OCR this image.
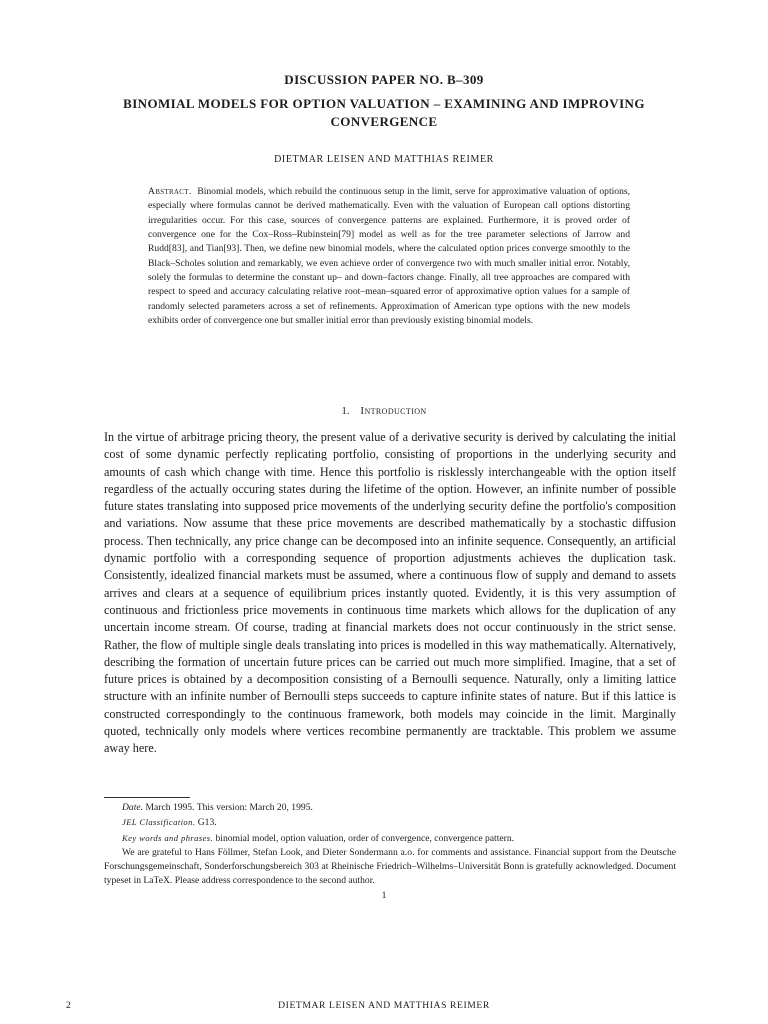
DISCUSSION PAPER NO. B–309
BINOMIAL MODELS FOR OPTION VALUATION – EXAMINING AND IMPROVING CONVERGENCE
DIETMAR LEISEN AND MATTHIAS REIMER
Abstract. Binomial models, which rebuild the continuous setup in the limit, serve for approximative valuation of options, especially where formulas cannot be derived mathematically. Even with the valuation of European call options distorting irregularities occur. For this case, sources of convergence patterns are explained. Furthermore, it is proved order of convergence one for the Cox–Ross–Rubinstein[79] model as well as for the tree parameter selections of Jarrow and Rudd[83], and Tian[93]. Then, we define new binomial models, where the calculated option prices converge smoothly to the Black–Scholes solution and remarkably, we even achieve order of convergence two with much smaller initial error. Notably, solely the formulas to determine the constant up– and down–factors change. Finally, all tree approaches are compared with respect to speed and accuracy calculating relative root–mean–squared error of approximative option values for a sample of randomly selected parameters across a set of refinements. Approximation of American type options with the new models exhibits order of convergence one but smaller initial error than previously existing binomial models.
1. Introduction
In the virtue of arbitrage pricing theory, the present value of a derivative security is derived by calculating the initial cost of some dynamic perfectly replicating portfolio, consisting of proportions in the underlying security and amounts of cash which change with time. Hence this portfolio is risklessly interchangeable with the option itself regardless of the actually occuring states during the lifetime of the option. However, an infinite number of possible future states translating into supposed price movements of the underlying security define the portfolio's composition and variations. Now assume that these price movements are described mathematically by a stochastic diffusion process. Then technically, any price change can be decomposed into an infinite sequence. Consequently, an artificial dynamic portfolio with a corresponding sequence of proportion adjustments achieves the duplication task. Consistently, idealized financial markets must be assumed, where a continuous flow of supply and demand to assets arrives and clears at a sequence of equilibrium prices instantly quoted. Evidently, it is this very assumption of continuous and frictionless price movements in continuous time markets which allows for the duplication of any uncertain income stream. Of course, trading at financial markets does not occur continuously in the strict sense. Rather, the flow of multiple single deals translating into prices is modelled in this way mathematically. Alternatively, describing the formation of uncertain future prices can be carried out much more simplified. Imagine, that a set of future prices is obtained by a decomposition consisting of a Bernoulli sequence. Naturally, only a limiting lattice structure with an infinite number of Bernoulli steps succeeds to capture infinite states of nature. But if this lattice is constructed correspondingly to the continuous framework, both models may coincide in the limit. Marginally quoted, technically only models where vertices recombine permanently are tracktable. This problem we assume away here.

Date. March 1995. This version: March 20, 1995.

JEL Classification. G13.

Key words and phrases. binomial model, option valuation, order of convergence, convergence pattern.

We are grateful to Hans Föllmer, Stefan Look, and Dieter Sondermann a.o. for comments and assistance. Financial support from the Deutsche Forschungsgemeinschaft, Sonderforschungsbereich 303 at Rheinische Friedrich–Wilhelms–Universität Bonn is gratefully acknowledged. Document typeset in LaTeX. Please address correspondence to the second author.

1
2	DIETMAR LEISEN AND MATTHIAS REIMER
